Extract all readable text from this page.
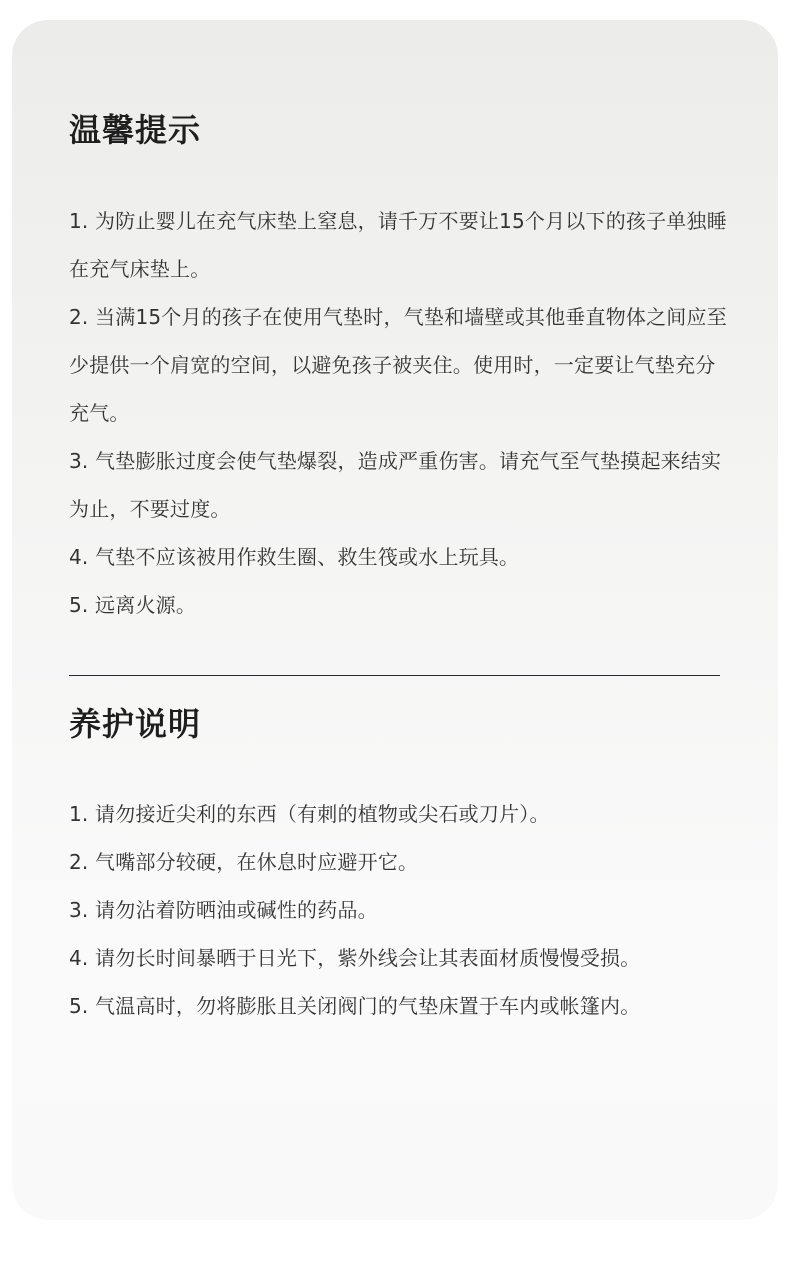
温馨提示
1. 为防止婴儿在充气床垫上窒息，请千万不要让15个月以下的孩子单独睡在充气床垫上。
2. 当满15个月的孩子在使用气垫时，气垫和墙壁或其他垂直物体之间应至少提供一个肩宽的空间，以避免孩子被夹住。使用时，一定要让气垫充分充气。
3. 气垫膨胀过度会使气垫爆裂，造成严重伤害。请充气至气垫摸起来结实为止，不要过度。
4. 气垫不应该被用作救生圈、救生筏或水上玩具。
5. 远离火源。
养护说明
1. 请勿接近尖利的东西（有刺的植物或尖石或刀片）。
2. 气嘴部分较硬，在休息时应避开它。
3. 请勿沾着防晒油或碱性的药品。
4. 请勿长时间暴晒于日光下，紫外线会让其表面材质慢慢受损。
5. 气温高时，勿将膨胀且关闭阀门的气垫床置于车内或帐篷内。
